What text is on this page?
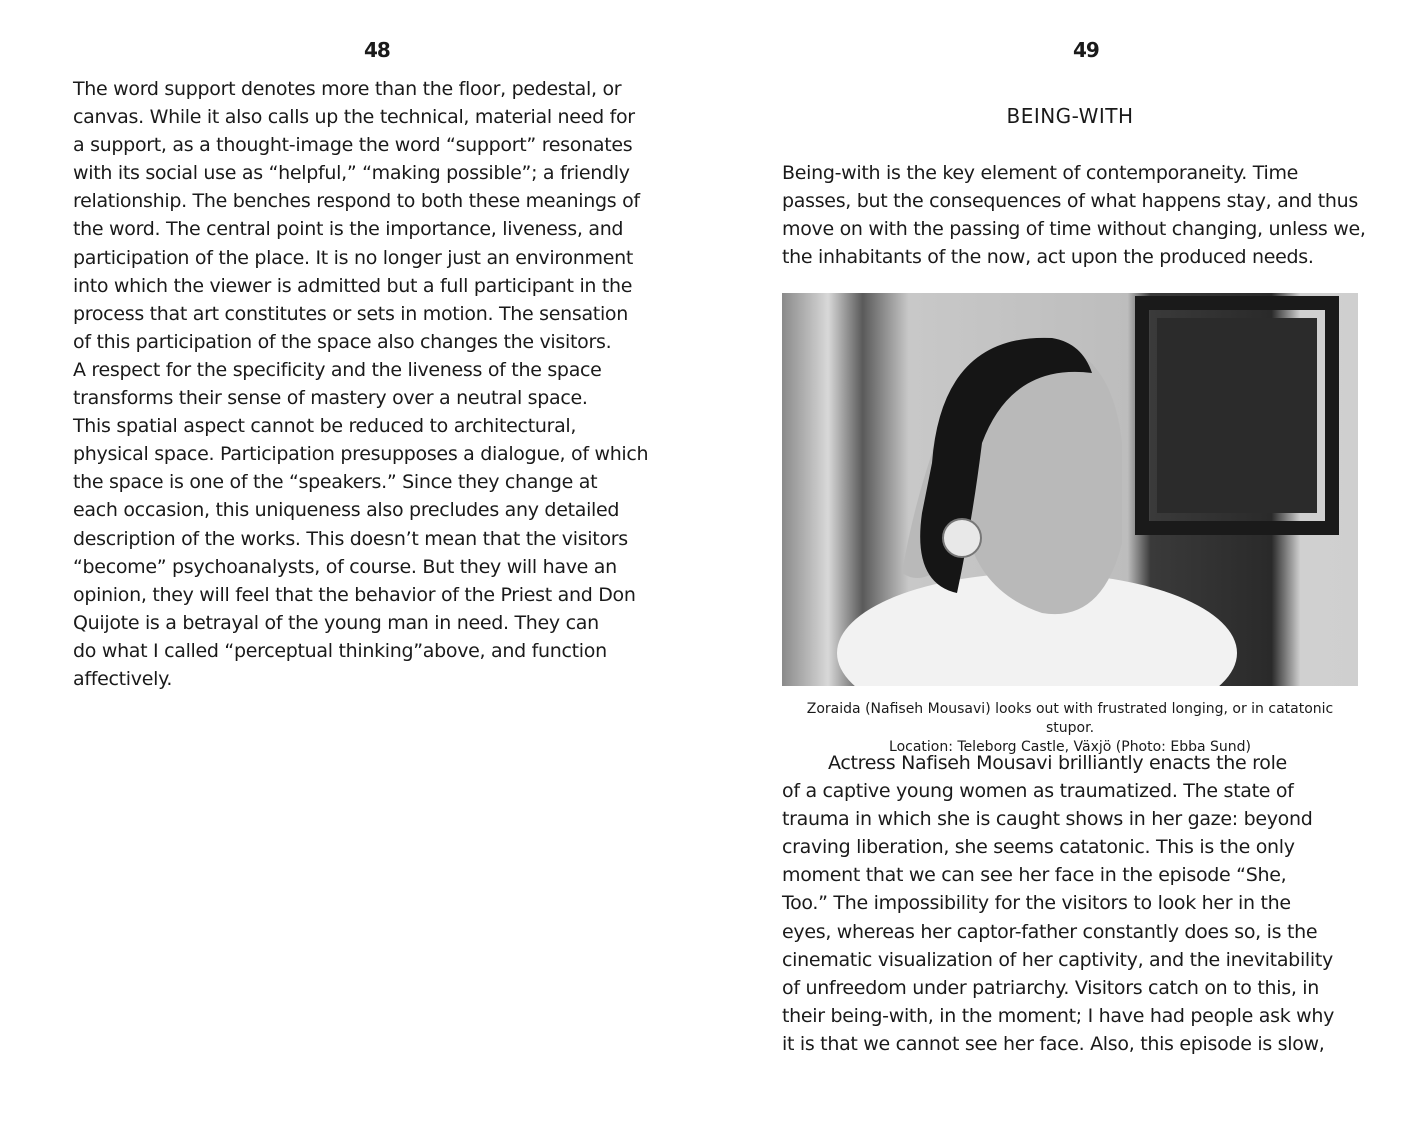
48	49
The word support denotes more than the floor, pedestal, or
canvas. While it also calls up the technical, material need for
a support, as a thought-image the word “support” resonates
with its social use as “helpful,” “making possible”; a friendly
relationship. The benches respond to both these meanings of
the word. The central point is the importance, liveness, and
participation of the place. It is no longer just an environment
into which the viewer is admitted but a full participant in the
process that art constitutes or sets in motion. The sensation
of this participation of the space also changes the visitors.
A respect for the specificity and the liveness of the space
transforms their sense of mastery over a neutral space.
This spatial aspect cannot be reduced to architectural,
physical space. Participation presupposes a dialogue, of which
the space is one of the “speakers.” Since they change at
each occasion, this uniqueness also precludes any detailed
description of the works. This doesn’t mean that the visitors
“become” psychoanalysts, of course. But they will have an
opinion, they will feel that the behavior of the Priest and Don
Quijote is a betrayal of the young man in need. They can
do what I called “perceptual thinking”above, and function
affectively.
BEING-WITH
Being-with is the key element of contemporaneity. Time
passes, but the consequences of what happens stay, and thus
move on with the passing of time without changing, unless we,
the inhabitants of the now, act upon the produced needs.
Zoraida (Nafiseh Mousavi) looks out with frustrated longing, or in catatonic stupor.
Location: Teleborg Castle, Växjö (Photo: Ebba Sund)
Actress Nafiseh Mousavi brilliantly enacts the role
of a captive young women as traumatized. The state of
trauma in which she is caught shows in her gaze: beyond
craving liberation, she seems catatonic. This is the only
moment that we can see her face in the episode “She,
Too.” The impossibility for the visitors to look her in the
eyes, whereas her captor-father constantly does so, is the
cinematic visualization of her captivity, and the inevitability
of unfreedom under patriarchy. Visitors catch on to this, in
their being-with, in the moment; I have had people ask why
it is that we cannot see her face. Also, this episode is slow,
